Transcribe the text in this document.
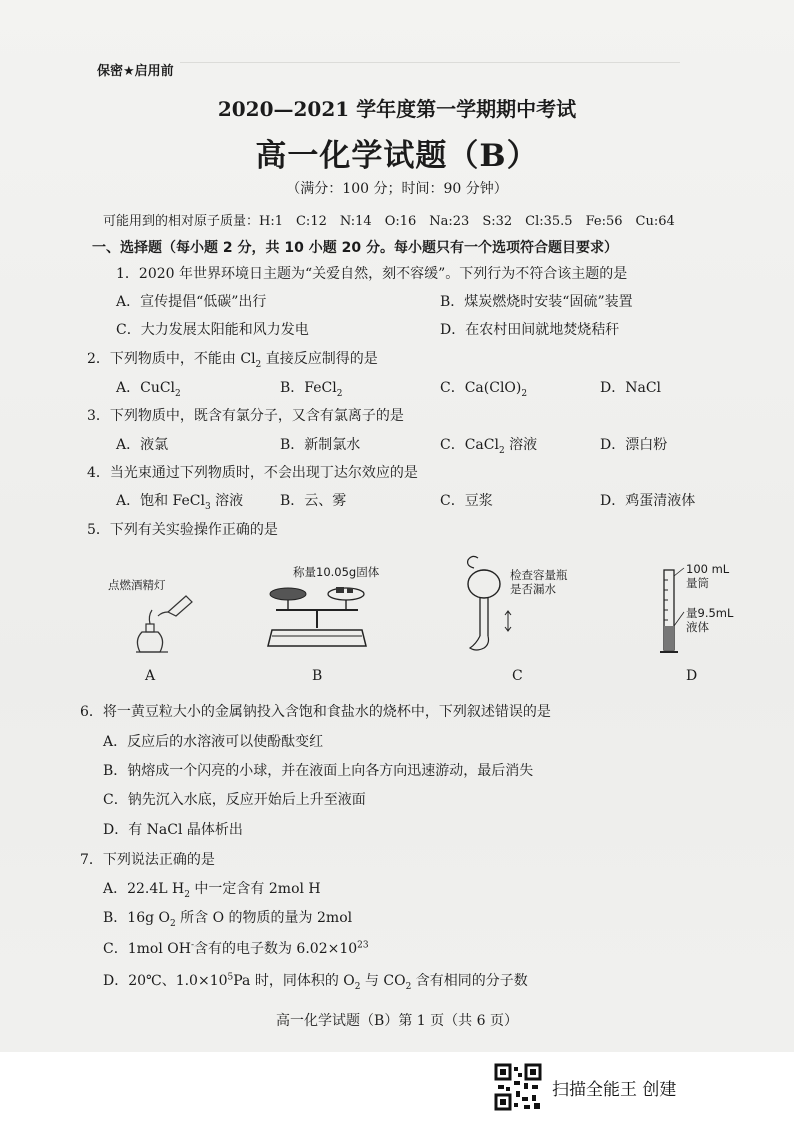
保密★启用前
2020—2021 学年度第一学期期中考试
高一化学试题（B）
（满分：100 分；时间：90 分钟）
可能用到的相对原子质量：H:1　C:12　N:14　O:16　Na:23　S:32　Cl:35.5　Fe:56　Cu:64
一、选择题（每小题 2 分，共 10 小题 20 分。每小题只有一个选项符合题目要求）
1．2020 年世界环境日主题为“关爱自然，刻不容缓”。下列行为不符合该主题的是
A．宣传提倡“低碳”出行	B．煤炭燃烧时安装“固硫”装置
C．大力发展太阳能和风力发电	D．在农村田间就地焚烧秸秆
2．下列物质中，不能由 $Cl_2$ 直接反应制得的是
A．CuCl$_2$	B．FeCl$_2$	C．$Ca(ClO)_2$	D．NaCl
3．下列物质中，既含有氯分子，又含有氯离子的是
A．液氯	B．新制氯水	C．CaCl$_2$ 溶液	D．漂白粉
4．当光束通过下列物质时，不会出现丁达尔效应的是
A．饱和 FeCl$_3$ 溶液	B．云、雾	C．豆浆	D．鸡蛋清液体
5．下列有关实验操作正确的是
点燃酒精灯
A
称量10.05g固体
B
检查容量瓶
是否漏水
C
100 mL
量筒
量9.5mL
液体
D
6．将一黄豆粒大小的金属钠投入含饱和食盐水的烧杯中，下列叙述错误的是
A．反应后的水溶液可以使酚酞变红
B．钠熔成一个闪亮的小球，并在液面上向各方向迅速游动，最后消失
C．钠先沉入水底，反应开始后上升至液面
D．有 NaCl 晶体析出
7．下列说法正确的是
A．22.4L $H_2$ 中一定含有 2mol H
B．16g $O_2$ 所含 O 的物质的量为 2mol
C．1mol OH-含有的电子数为 $6.02\times 10^{23}$
D．20℃、$1.0\times 10^5Pa$ 时，同体积的 $O_2$ 与 $CO_2$ 含有相同的分子数
高一化学试题（B）第 1 页（共 6 页）
扫描全能王 创建
